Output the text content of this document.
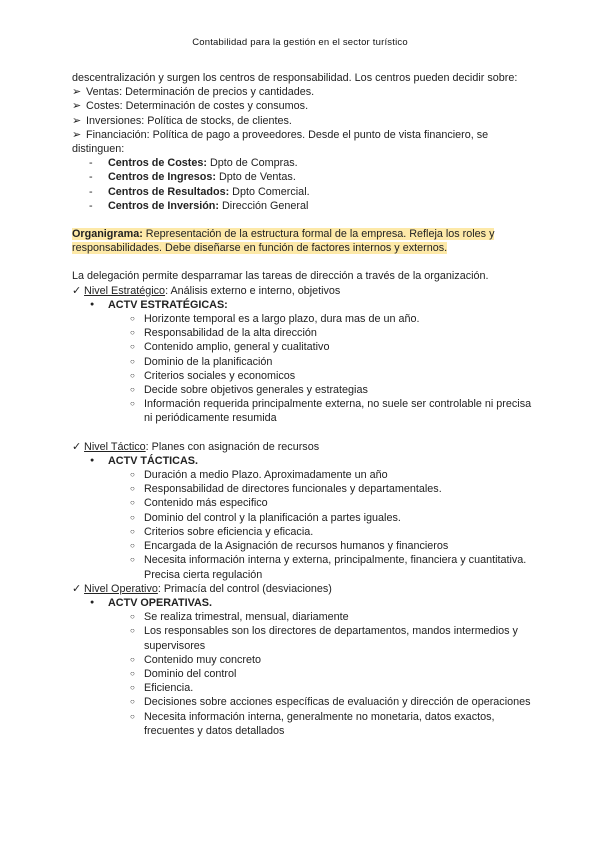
Contabilidad para la gestión en el sector turístico

descentralización y surgen los centros de responsabilidad. Los centros pueden decidir sobre:

➢ Ventas: Determinación de precios y cantidades.

➢ Costes: Determinación de costes y consumos.

➢ Inversiones: Política de stocks, de clientes.

➢ Financiación: Política de pago a proveedores. Desde el punto de vista financiero, se distinguen:

- Centros de Costes: Dpto de Compras.
- Centros de Ingresos: Dpto de Ventas.
- Centros de Resultados: Dpto Comercial.
- Centros de Inversión: Dirección General

Organigrama: Representación de la estructura formal de la empresa. Refleja los roles y responsabilidades. Debe diseñarse en función de factores internos y externos.

La delegación permite desparramar las tareas de dirección a través de la organización.

✓ Nivel Estratégico: Análisis externo e interno, objetivos

● ACTV ESTRATÉGICAS:

○ Horizonte temporal es a largo plazo, dura mas de un año.
○ Responsabilidad de la alta dirección
○ Contenido amplio, general y cualitativo
○ Dominio de la planificación
○ Criterios sociales y economicos
○ Decide sobre objetivos generales y estrategias
○ Información requerida principalmente externa, no suele ser controlable ni precisa ni periódicamente resumida

✓ Nivel Táctico: Planes con asignación de recursos

● ACTV TÁCTICAS.

○ Duración a medio Plazo. Aproximadamente un año
○ Responsabilidad de directores funcionales y departamentales.
○ Contenido más especifico
○ Dominio del control y la planificación a partes iguales.
○ Criterios sobre eficiencia y eficacia.
○ Encargada de la Asignación de recursos humanos y financieros
○ Necesita información interna y externa, principalmente, financiera y cuantitativa. Precisa cierta regulación

✓ Nivel Operativo: Primacía del control (desviaciones)

● ACTV OPERATIVAS.

○ Se realiza trimestral, mensual, diariamente
○ Los responsables son los directores de departamentos, mandos intermedios y supervisores
○ Contenido muy concreto
○ Dominio del control
○ Eficiencia.
○ Decisiones sobre acciones específicas de evaluación y dirección de operaciones
○ Necesita información interna, generalmente no monetaria, datos exactos, frecuentes y datos detallados
